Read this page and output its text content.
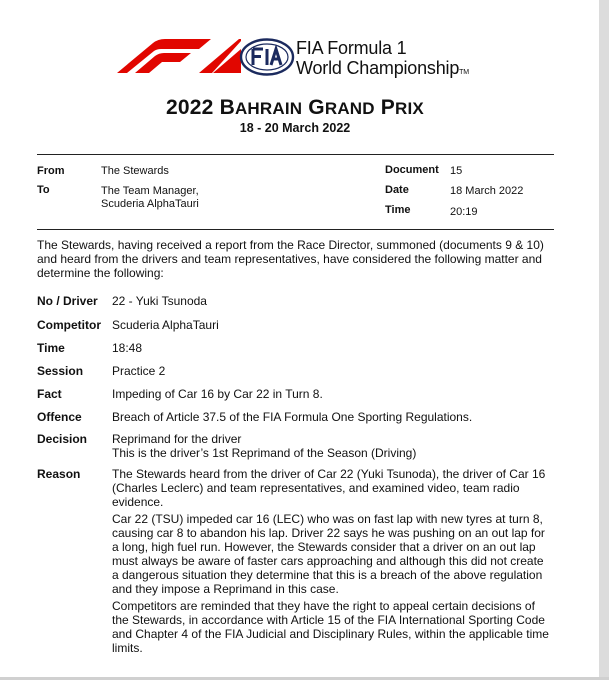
FIA Formula 1
World ChampionshipTM
2022 BAHRAIN GRAND PRIX
18 - 20 March 2022
From	The Stewards
To	The Team Manager,
Scuderia AlphaTauri
Document 15
Date	18 March 2022
Time	20:19
The Stewards, having received a report from the Race Director, summoned (documents 9 & 10) and heard from the drivers and team representatives, have considered the following matter and determine the following:
No / Driver 22 - Yuki Tsunoda
Competitor Scuderia AlphaTauri
Time	18:48
Session Practice 2
Fact	Impeding of Car 16 by Car 22 in Turn 8.
Offence	Breach of Article 37.5 of the FIA Formula One Sporting Regulations.
Decision Reprimand for the driver
This is the driver’s 1st Reprimand of the Season (Driving)
Reason	The Stewards heard from the driver of Car 22 (Yuki Tsunoda), the driver of Car 16 (Charles Leclerc) and team representatives, and examined video, team radio evidence.

Car 22 (TSU) impeded car 16 (LEC) who was on fast lap with new tyres at turn 8, causing car 8 to abandon his lap. Driver 22 says he was pushing on an out lap for a long, high fuel run. However, the Stewards consider that a driver on an out lap must always be aware of faster cars approaching and although this did not create a dangerous situation they determine that this is a breach of the above regulation and they impose a Reprimand in this case.

Competitors are reminded that they have the right to appeal certain decisions of the Stewards, in accordance with Article 15 of the FIA International Sporting Code and Chapter 4 of the FIA Judicial and Disciplinary Rules, within the applicable time limits.
